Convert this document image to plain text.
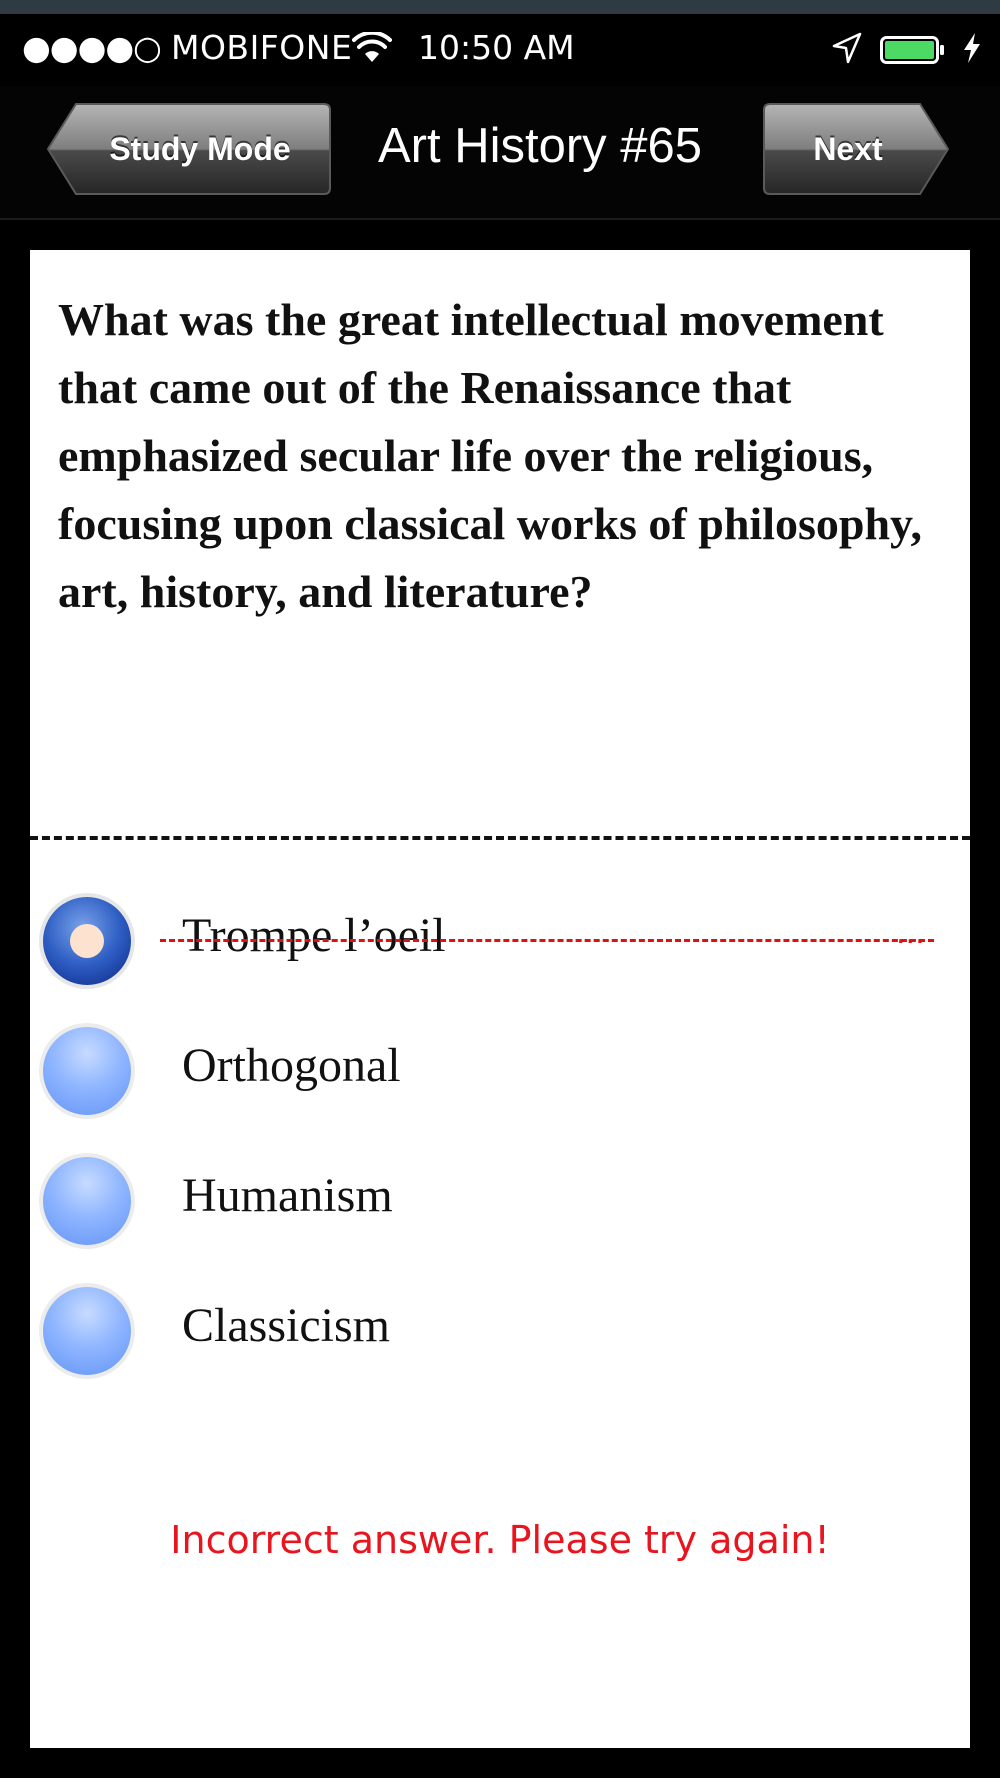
●●●●○ MOBIFONE 10:50 AM
Study Mode	Art History #65	Next
What was the great intellectual movement that came out of the Renaissance that emphasized secular life over the religious, focusing upon classical works of philosophy, art, history, and literature?
Trompe l’oeil	...
Orthogonal
Humanism
Classicism
Incorrect answer. Please try again!
